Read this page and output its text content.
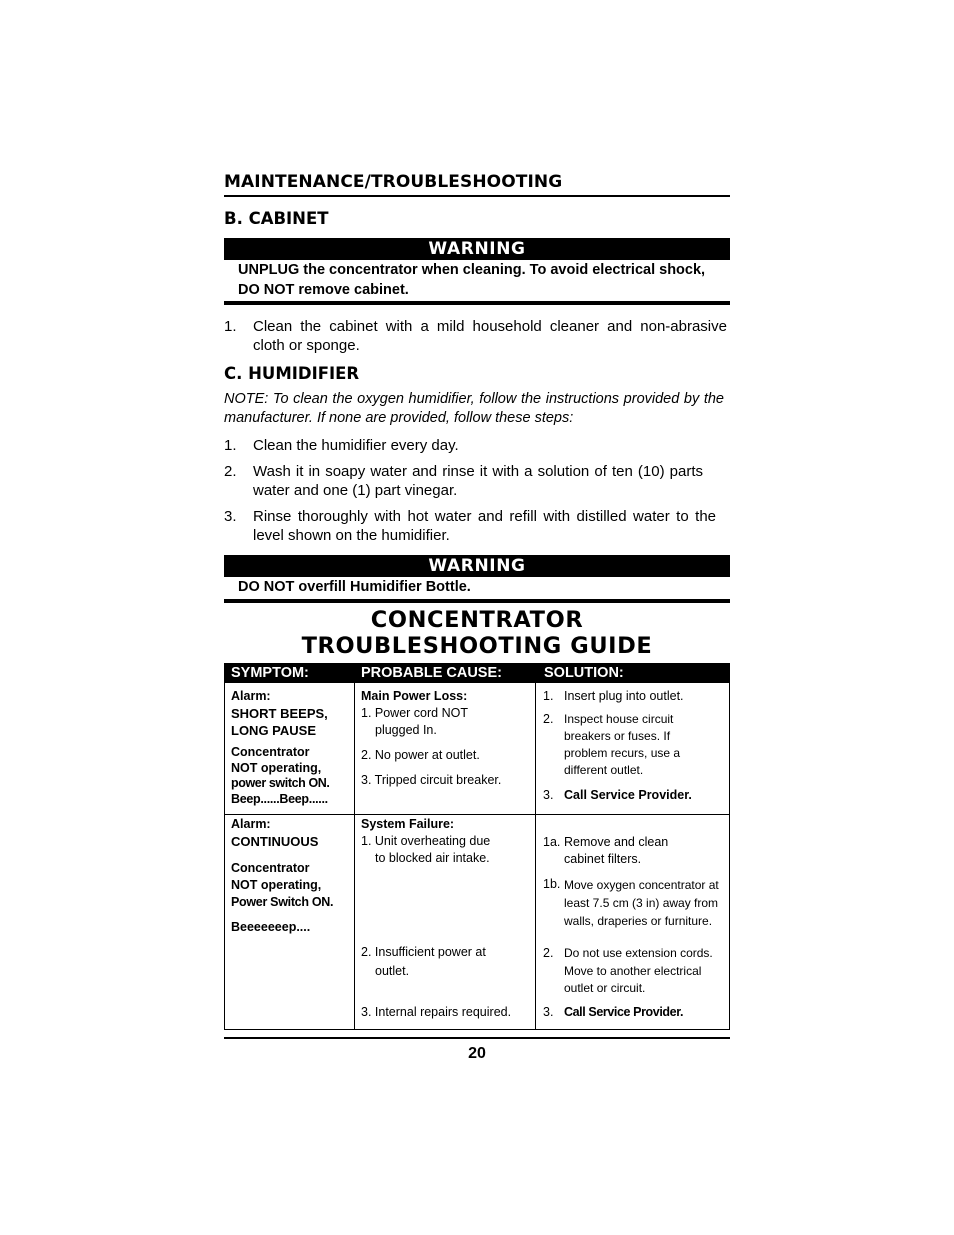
MAINTENANCE/TROUBLESHOOTING
B. CABINET
WARNING
UNPLUG the concentrator when cleaning. To avoid electrical shock, DO NOT remove cabinet.
1. Clean the cabinet with a mild household cleaner and non-abrasive cloth or sponge.
C. HUMIDIFIER
NOTE: To clean the oxygen humidifier, follow the instructions provided by the manufacturer. If none are provided, follow these steps:
1. Clean the humidifier every day.
2. Wash it in soapy water and rinse it with a solution of ten (10) parts water and one (1) part vinegar.
3. Rinse thoroughly with hot water and refill with distilled water to the level shown on the humidifier.
WARNING
DO NOT overfill Humidifier Bottle.
CONCENTRATOR
TROUBLESHOOTING GUIDE
SYMPTOM:	PROBABLE CAUSE:	SOLUTION:
Alarm:
SHORT BEEPS,
LONG PAUSE
Concentrator
NOT operating,
power switch ON.
Beep......Beep......
Main Power Loss:
1. Power cord NOT
plugged In.
2. No power at outlet.
3. Tripped circuit breaker.
1. Insert plug into outlet.
2. Inspect house circuit breakers or fuses. If problem recurs, use a different outlet.
3. Call Service Provider.
Alarm:
CONTINUOUS
Concentrator
NOT operating,
Power Switch ON.
Beeeeeeep....
System Failure:
1. Unit overheating due
to blocked air intake.
2. Insufficient power at
outlet.
3. Internal repairs required.
1a. Remove and clean cabinet filters.
1b. Move oxygen concentrator at least 7.5 cm (3 in) away from walls, draperies or furniture.
2. Do not use extension cords. Move to another electrical outlet or circuit.
3. Call Service Provider.
20
